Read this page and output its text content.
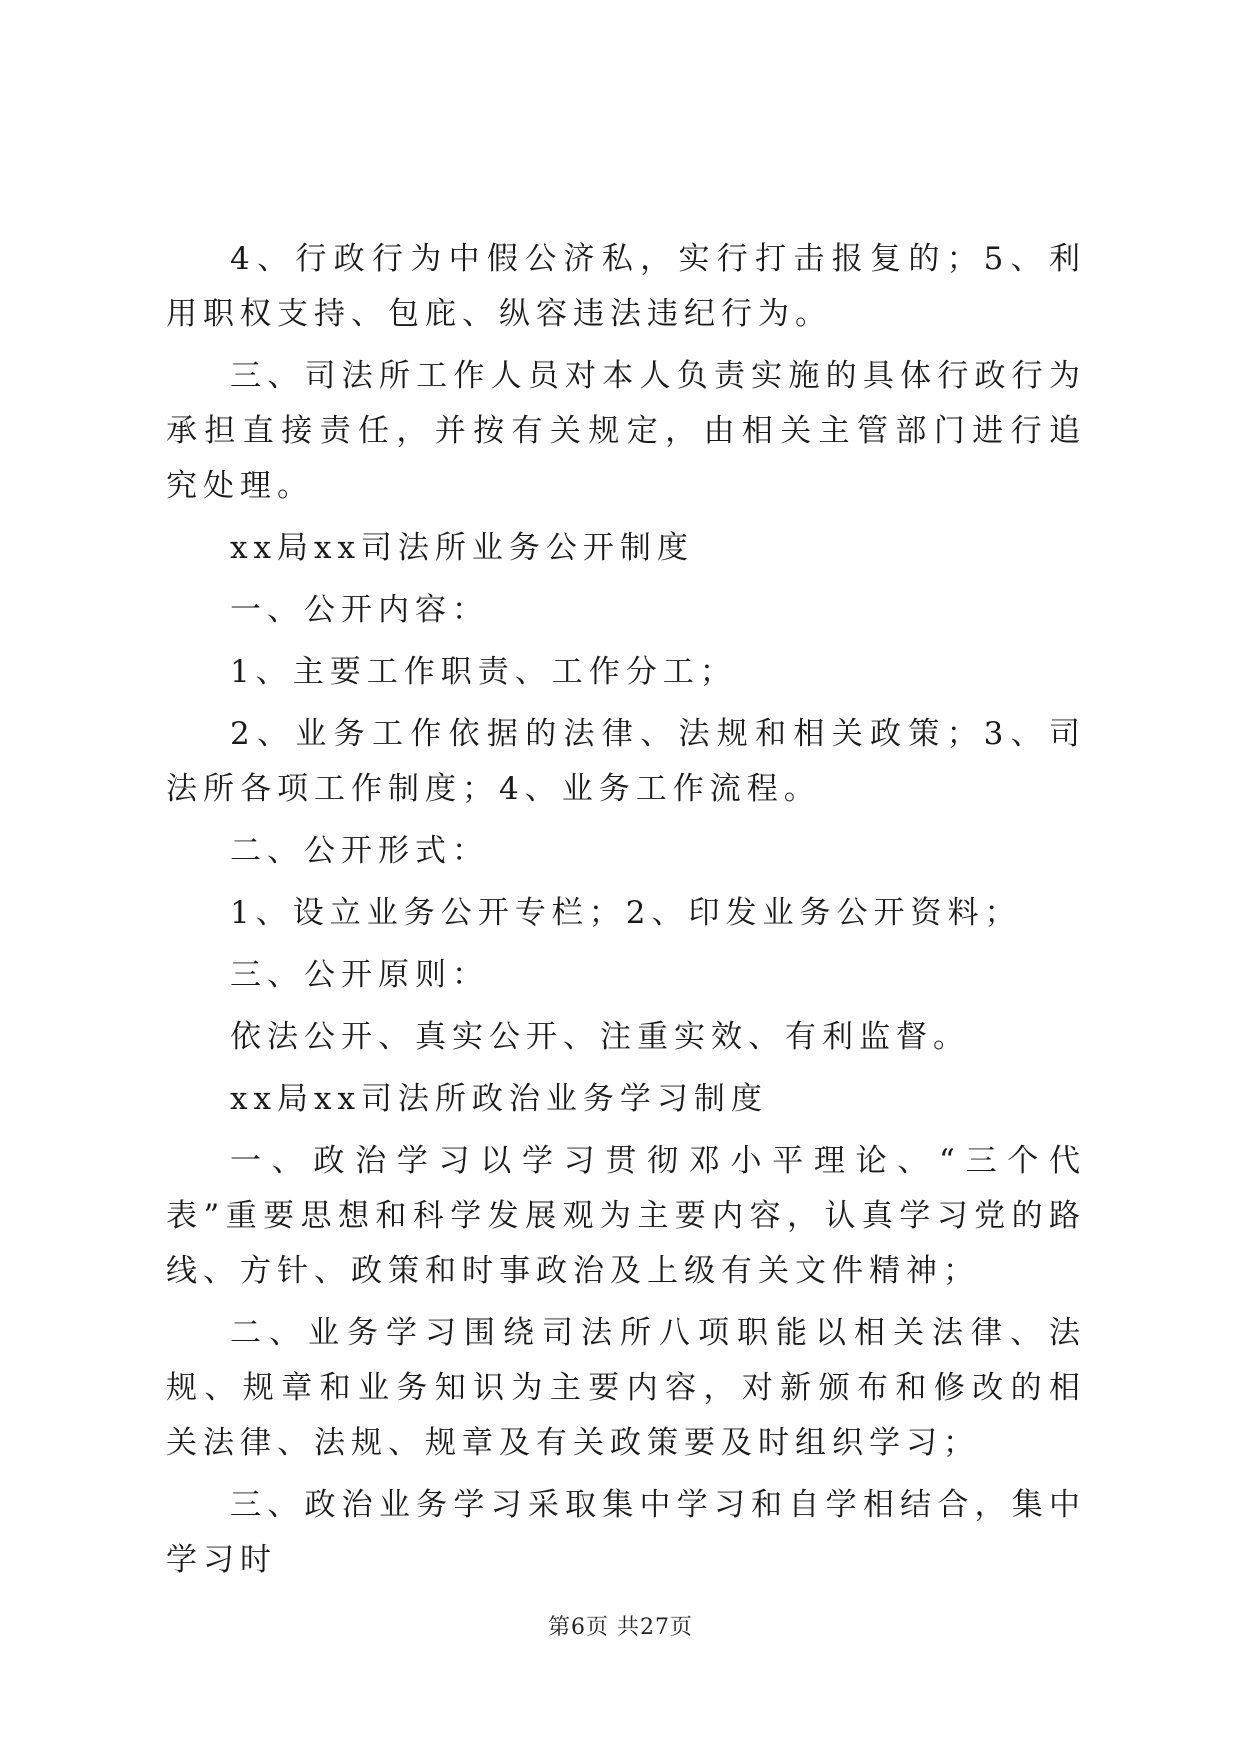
4、行政行为中假公济私，实行打击报复的；5、利用职权支持、包庇、纵容违法违纪行为。

三、司法所工作人员对本人负责实施的具体行政行为承担直接责任，并按有关规定，由相关主管部门进行追究处理。

xx局xx司法所业务公开制度

一、公开内容：

1、主要工作职责、工作分工；

2、业务工作依据的法律、法规和相关政策；3、司法所各项工作制度；4、业务工作流程。

二、公开形式：

1、设立业务公开专栏；2、印发业务公开资料；

三、公开原则：

依法公开、真实公开、注重实效、有利监督。

xx局xx司法所政治业务学习制度

一、政治学习以学习贯彻邓小平理论、“三个代表”重要思想和科学发展观为主要内容，认真学习党的路线、方针、政策和时事政治及上级有关文件精神；

二、业务学习围绕司法所八项职能以相关法律、法规、规章和业务知识为主要内容，对新颁布和修改的相关法律、法规、规章及有关政策要及时组织学习；

三、政治业务学习采取集中学习和自学相结合，集中学习时

第6页 共27页
